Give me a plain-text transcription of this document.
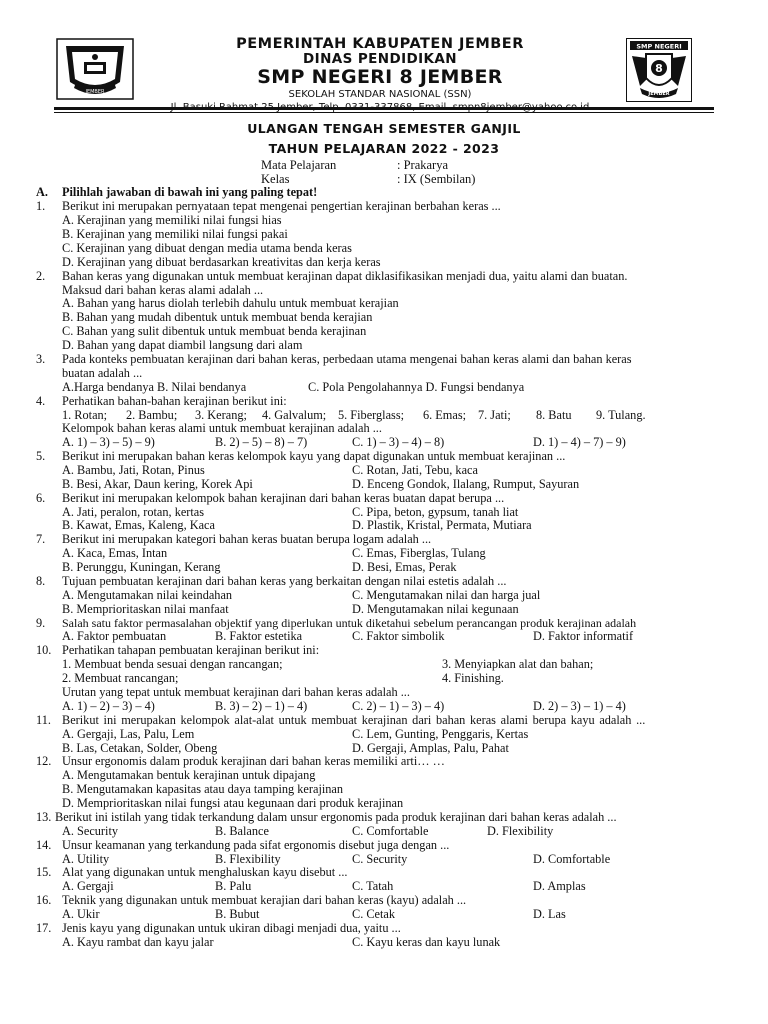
JEMBER
PEMERINTAH KABUPATEN JEMBER
DINAS PENDIDIKAN
SMP NEGERI 8 JEMBER
SEKOLAH STANDAR NASIONAL (SSN)
Jl. Basuki Rahmat 25 Jember, Telp. 0331-337868, Email. smpn8jember@yahoo.co.id
SMP NEGERI
8
JEMBER
ULANGAN TENGAH SEMESTER GANJIL
TAHUN PELAJARAN 2022 - 2023
Mata Pelajaran	: Prakarya
Kelas	: IX (Sembilan)
A. Pilihlah jawaban di bawah ini yang paling tepat!
1. Berikut ini merupakan pernyataan tepat mengenai pengertian kerajinan berbahan keras ...
A. Kerajinan yang memiliki nilai fungsi hias
B. Kerajinan yang memiliki nilai fungsi pakai
C. Kerajinan yang dibuat dengan media utama benda keras
D. Kerajinan yang dibuat berdasarkan kreativitas dan kerja keras
2. Bahan keras yang digunakan untuk membuat kerajinan dapat diklasifikasikan menjadi dua, yaitu alami dan buatan.
Maksud dari bahan keras alami adalah ...
A. Bahan yang harus diolah terlebih dahulu untuk membuat kerajian
B. Bahan yang mudah dibentuk untuk membuat benda kerajian
C. Bahan yang sulit dibentuk untuk membuat benda kerajinan
D. Bahan yang dapat diambil langsung dari alam
3. Pada konteks pembuatan kerajinan dari bahan keras, perbedaan utama mengenai bahan keras alami dan bahan keras
buatan adalah ...
A.Harga bendanya B. Nilai bendanya	C. Pola Pengolahannya D. Fungsi bendanya
4. Perhatikan bahan-bahan kerajinan berikut ini:
1. Rotan; 2. Bambu; 3. Kerang; 4. Galvalum; 5. Fiberglass; 6. Emas; 7. Jati; 8. Batu 9. Tulang.
Kelompok bahan keras alami untuk membuat kerajinan adalah ...
A. 1) – 3) – 5) – 9)	B. 2) – 5) – 8) – 7)	C. 1) – 3) – 4) – 8)	D. 1) – 4) – 7) – 9)
5. Berikut ini merupakan bahan keras kelompok kayu yang dapat digunakan untuk membuat kerajinan ...
A. Bambu, Jati, Rotan, Pinus	C. Rotan, Jati, Tebu, kaca
B. Besi, Akar, Daun kering, Korek Api	D. Enceng Gondok, Ilalang, Rumput, Sayuran
6. Berikut ini merupakan kelompok bahan kerajinan dari bahan keras buatan dapat berupa ...
A. Jati, peralon, rotan, kertas	C. Pipa, beton, gypsum, tanah liat
B. Kawat, Emas, Kaleng, Kaca	D. Plastik, Kristal, Permata, Mutiara
7. Berikut ini merupakan kategori bahan keras buatan berupa logam adalah ...
A. Kaca, Emas, Intan	C. Emas, Fiberglas, Tulang
B. Perunggu, Kuningan, Kerang	D. Besi, Emas, Perak
8. Tujuan pembuatan kerajinan dari bahan keras yang berkaitan dengan nilai estetis adalah ...
A. Mengutamakan nilai keindahan	C. Mengutamakan nilai dan harga jual
B. Memprioritaskan nilai manfaat	D. Mengutamakan nilai kegunaan
9. Salah satu faktor permasalahan objektif yang diperlukan untuk diketahui sebelum perancangan produk kerajinan adalah
A. Faktor pembuatan	B. Faktor estetika	C. Faktor simbolik	D. Faktor informatif
10. Perhatikan tahapan pembuatan kerajinan berikut ini:
1. Membuat benda sesuai dengan rancangan;	3. Menyiapkan alat dan bahan;
2. Membuat rancangan;	4. Finishing.
Urutan yang tepat untuk membuat kerajinan dari bahan keras adalah ...
A. 1) – 2) – 3) – 4)	B. 3) – 2) – 1) – 4)	C. 2) – 1) – 3) – 4)	D. 2) – 3) – 1) – 4)
11. Berikut ini merupakan kelompok alat-alat untuk membuat kerajinan dari bahan keras alami berupa kayu adalah ...
A. Gergaji, Las, Palu, Lem	C. Lem, Gunting, Penggaris, Kertas
B. Las, Cetakan, Solder, Obeng	D. Gergaji, Amplas, Palu, Pahat
12. Unsur ergonomis dalam produk kerajinan dari bahan keras memiliki arti… …
A. Mengutamakan bentuk kerajinan untuk dipajang
B. Mengutamakan kapasitas atau daya tamping kerajinan
D. Memprioritaskan nilai fungsi atau kegunaan dari produk kerajinan
13. Berikut ini istilah yang tidak terkandung dalam unsur ergonomis pada produk kerajinan dari bahan keras adalah ...
A. Security	B. Balance	C. Comfortable	D. Flexibility
14. Unsur keamanan yang terkandung pada sifat ergonomis disebut juga dengan ...
A. Utility	B. Flexibility	C. Security	D. Comfortable
15. Alat yang digunakan untuk menghaluskan kayu disebut ...
A. Gergaji	B. Palu	C. Tatah	D. Amplas
16. Teknik yang digunakan untuk membuat kerajian dari bahan keras (kayu) adalah ...
A. Ukir	B. Bubut	C. Cetak	D. Las
17. Jenis kayu yang digunakan untuk ukiran dibagi menjadi dua, yaitu ...
A. Kayu rambat dan kayu jalar	C. Kayu keras dan kayu lunak
